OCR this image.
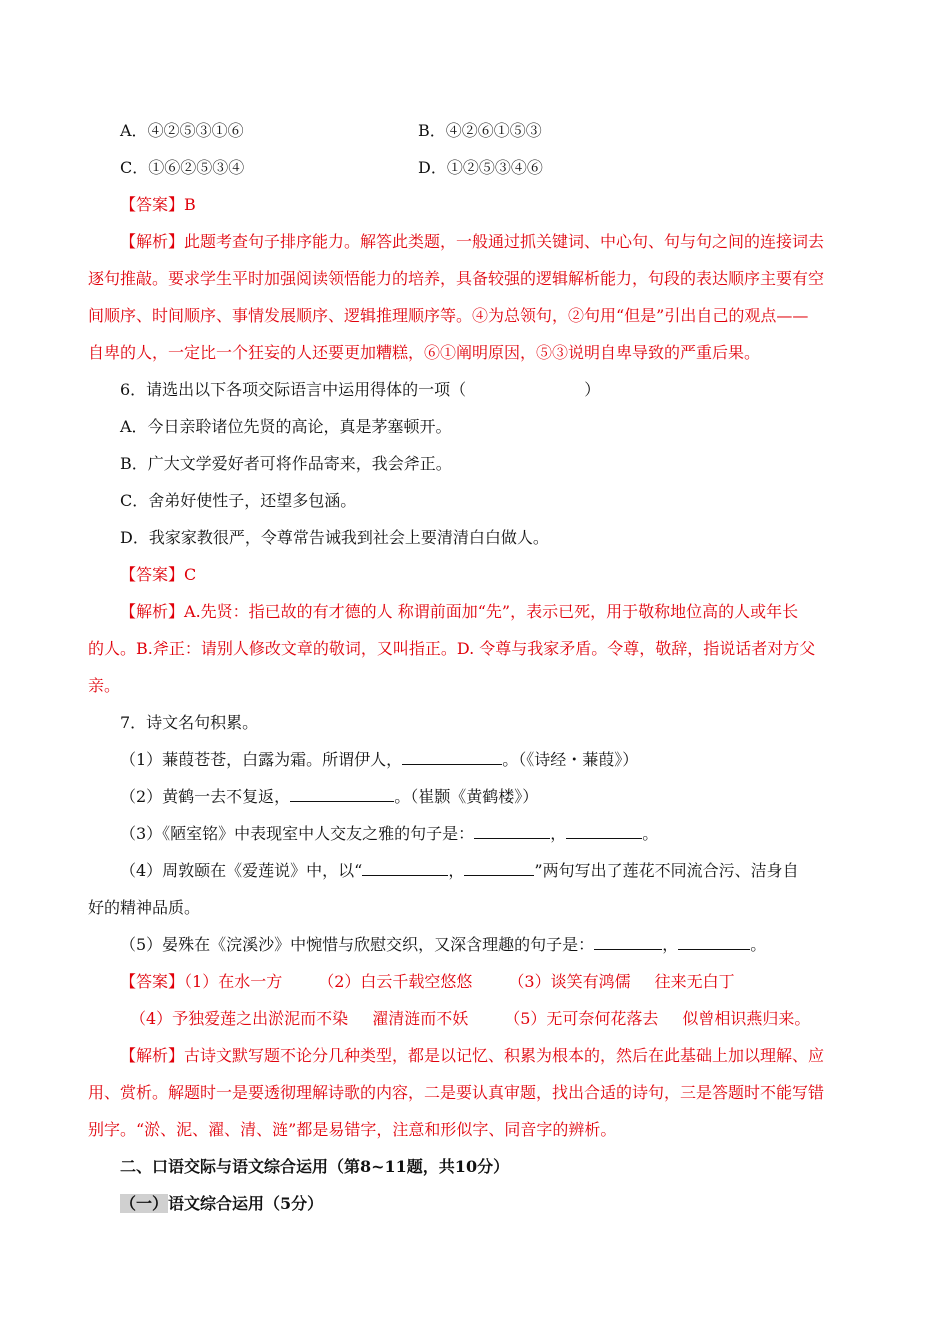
A．④②⑤③①⑥	B．④②⑥①⑤③
C．①⑥②⑤③④	D．①②⑤③④⑥
【答案】B
【解析】此题考查句子排序能力。解答此类题，一般通过抓关键词、中心句、句与句之间的连接词去
逐句推敲。要求学生平时加强阅读领悟能力的培养，具备较强的逻辑解析能力，句段的表达顺序主要有空
间顺序、时间顺序、事情发展顺序、逻辑推理顺序等。④为总领句，②句用“但是”引出自己的观点——
自卑的人，一定比一个狂妄的人还要更加糟糕，⑥①阐明原因，⑤③说明自卑导致的严重后果。
6．请选出以下各项交际语言中运用得体的一项（	）
A．今日亲聆诸位先贤的高论，真是茅塞顿开。
B．广大文学爱好者可将作品寄来，我会斧正。
C．舍弟好使性子，还望多包涵。
D．我家家教很严，令尊常告诫我到社会上要清清白白做人。
【答案】C
【解析】A.先贤：指已故的有才德的人 称谓前面加“先”，表示已死，用于敬称地位高的人或年长
的人。B.斧正：请别人修改文章的敬词，又叫指正。D. 令尊与我家矛盾。令尊，敬辞，指说话者对方父
亲。
7．诗文名句积累。
（1）蒹葭苍苍，白露为霜。所谓伊人，	。（《诗经・蒹葭》）
（2）黄鹤一去不复返，	。（崔颢《黄鹤楼》）
（3）《陋室铭》中表现室中人交友之雅的句子是：	，	。
（4）周敦颐在《爱莲说》中，以“	，	”两句写出了莲花不同流合污、洁身自
好的精神品质。
（5）晏殊在《浣溪沙》中惋惜与欣慰交织，又深含理趣的句子是：	，	。
【答案】（1）在水一方 （2）白云千载空悠悠 （3）谈笑有鸿儒 往来无白丁
（4）予独爱莲之出淤泥而不染 濯清涟而不妖 （5）无可奈何花落去 似曾相识燕归来。
【解析】古诗文默写题不论分几种类型，都是以记忆、积累为根本的，然后在此基础上加以理解、应
用、赏析。解题时一是要透彻理解诗歌的内容，二是要认真审题，找出合适的诗句，三是答题时不能写错
别字。“淤、泥、濯、清、涟”都是易错字，注意和形似字、同音字的辨析。
二、口语交际与语文综合运用（第8~11题，共10分）
（一）语文综合运用（5分）
